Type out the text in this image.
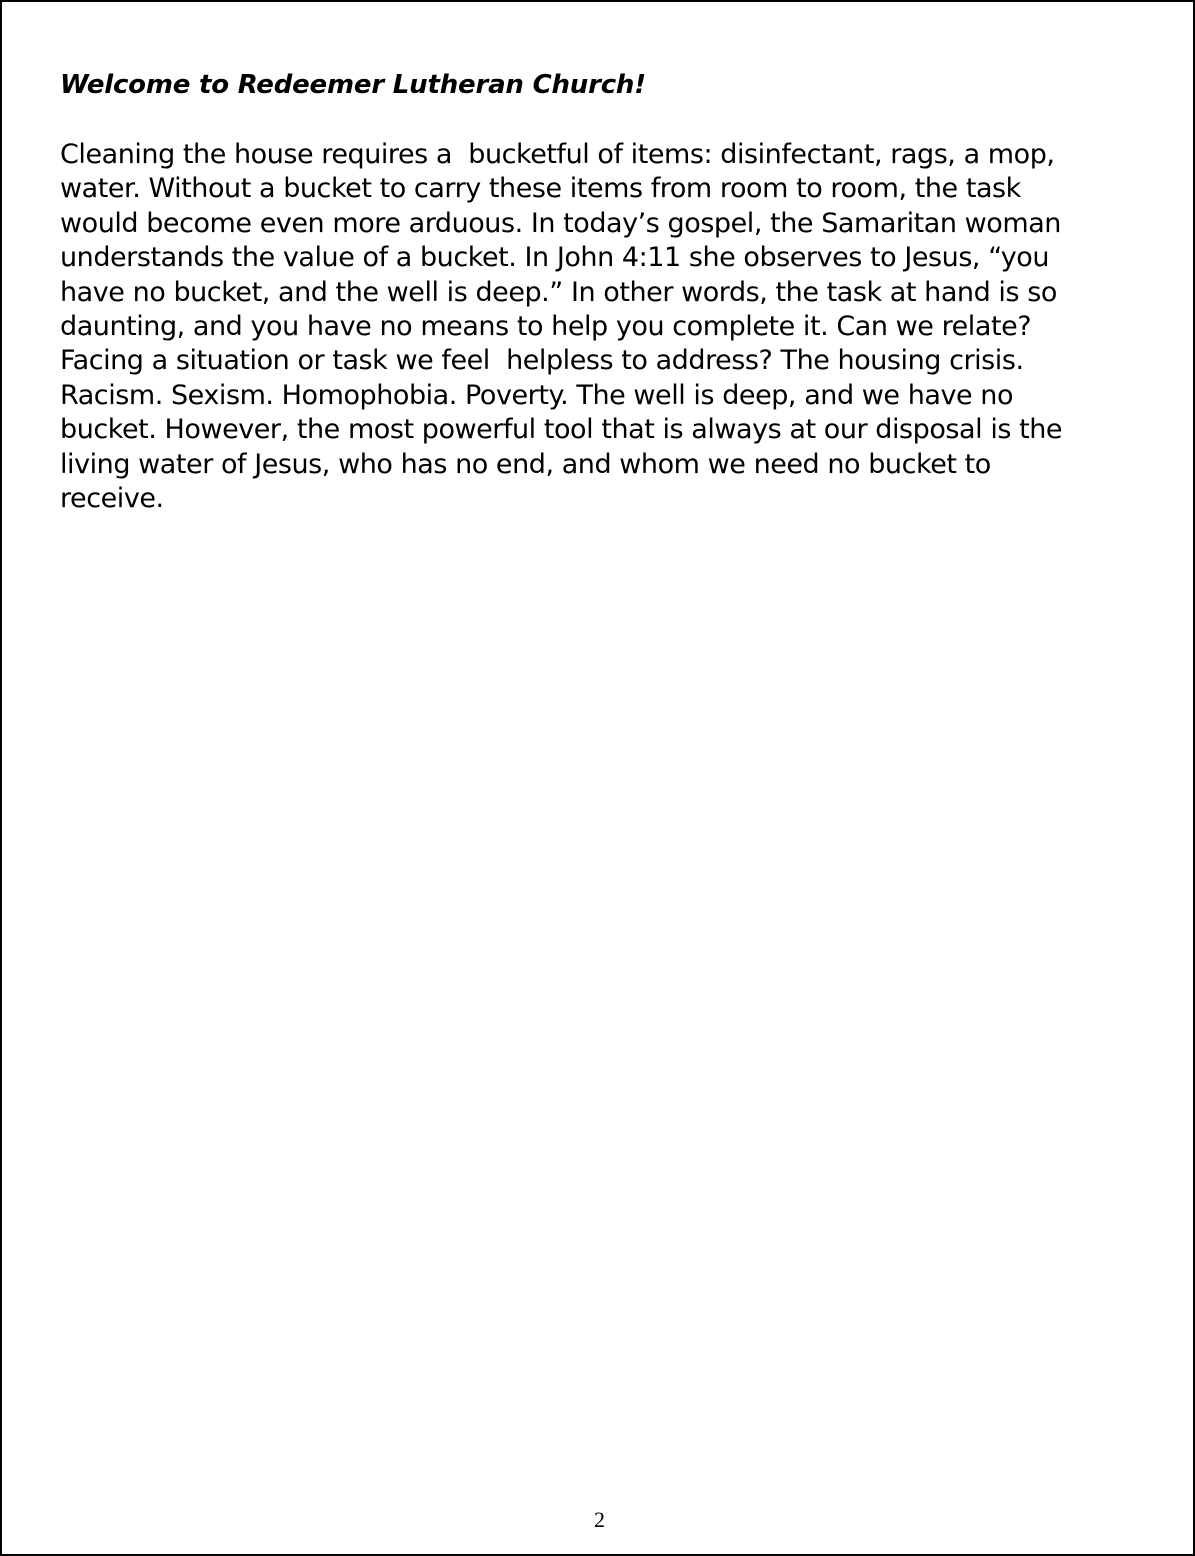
Welcome to Redeemer Lutheran Church!
Cleaning the house requires a  bucketful of items: disinfectant, rags, a mop,
water. Without a bucket to carry these items from room to room, the task
would become even more arduous. In today’s gospel, the Samaritan woman
understands the value of a bucket. In John 4:11 she observes to Jesus, “you
have no bucket, and the well is deep.” In other words, the task at hand is so
daunting, and you have no means to help you complete it. Can we relate?
Facing a situation or task we feel  helpless to address? The housing crisis.
Racism. Sexism. Homophobia. Poverty. The well is deep, and we have no
bucket. However, the most powerful tool that is always at our disposal is the
living water of Jesus, who has no end, and whom we need no bucket to
receive.
2
